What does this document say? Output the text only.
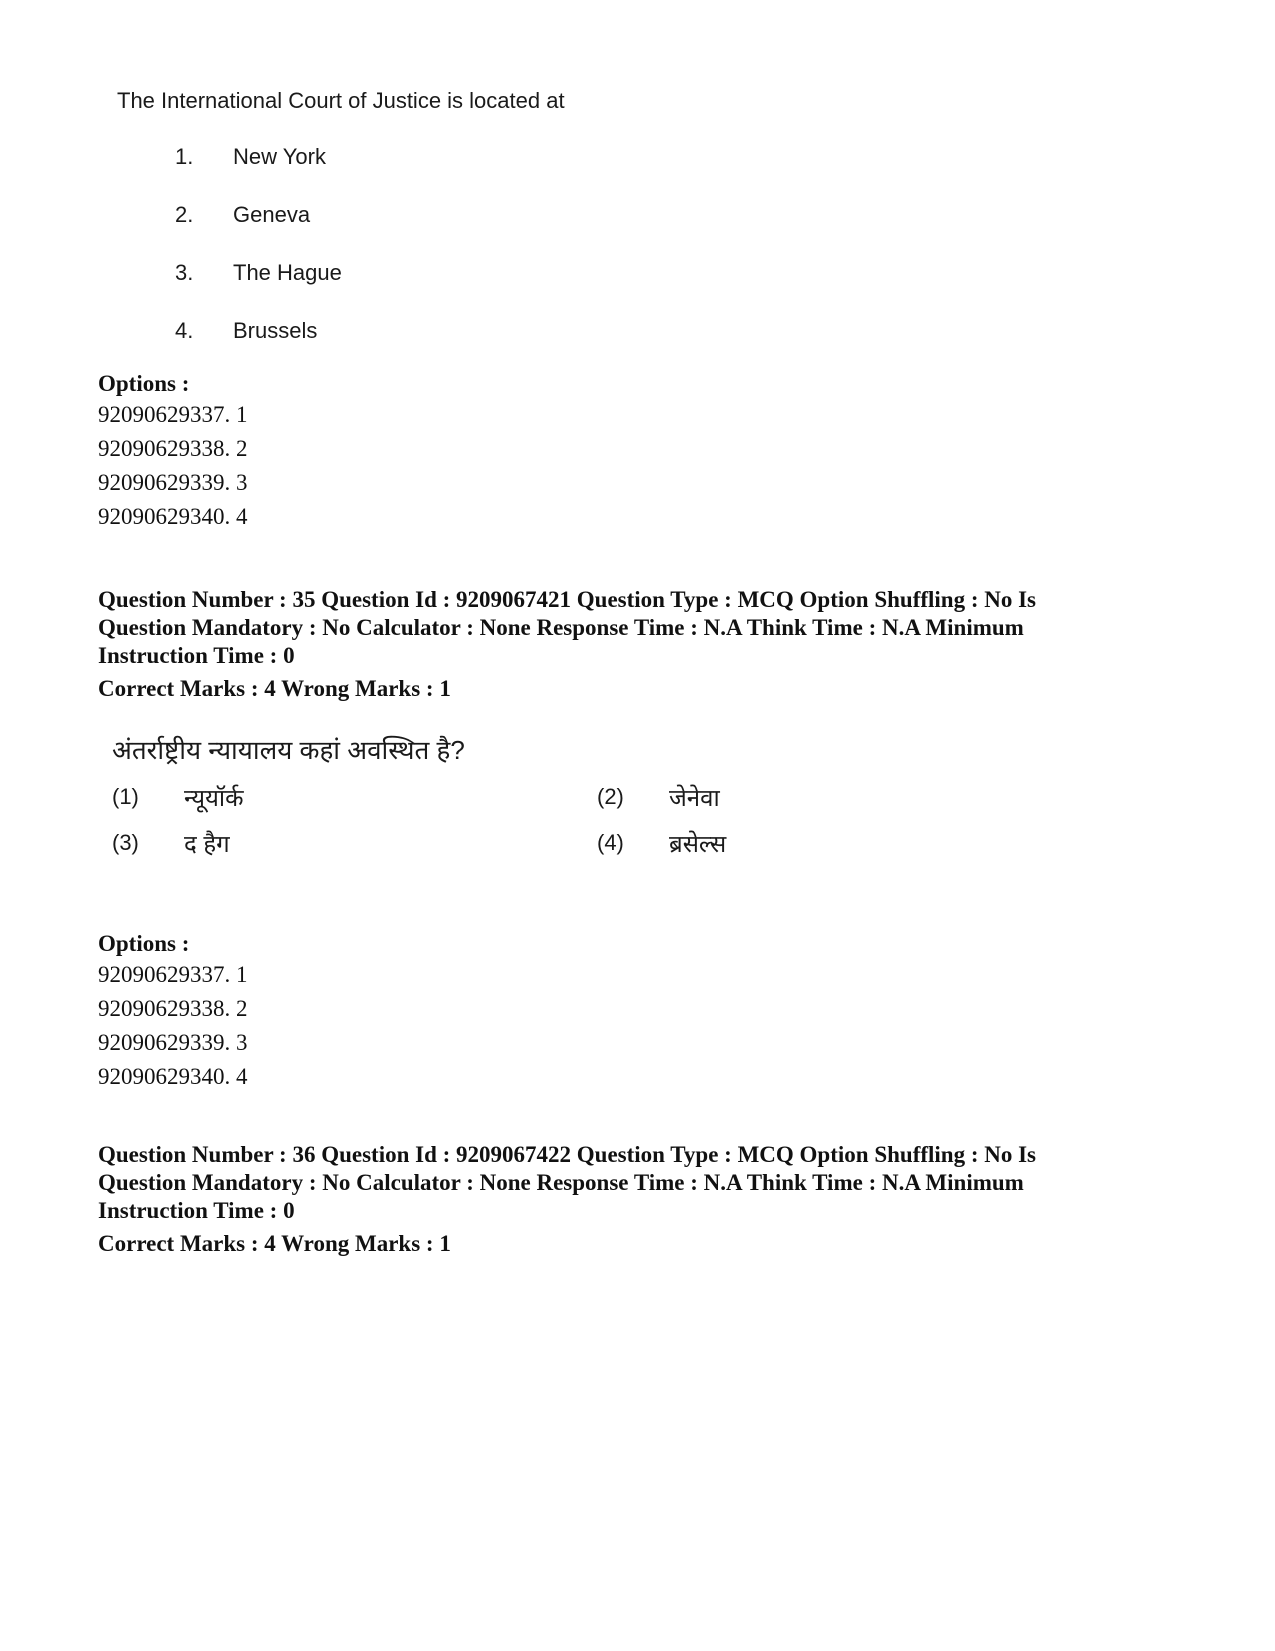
The International Court of Justice is located at

1.	New York
2.	Geneva
3.	The Hague
4.	Brussels

Options :

92090629337. 1

92090629338. 2

92090629339. 3

92090629340. 4

Question Number : 35 Question Id : 9209067421 Question Type : MCQ Option Shuffling : No Is
Question Mandatory : No Calculator : None Response Time : N.A Think Time : N.A Minimum
Instruction Time : 0
Correct Marks : 4 Wrong Marks : 1

अंतर्राष्ट्रीय न्यायालय कहां अवस्थित है?

(1)	न्यूयॉर्क	(2)	जेनेवा
(3)	द हैग	(4)	ब्रसेल्स

Options :

92090629337. 1

92090629338. 2

92090629339. 3

92090629340. 4

Question Number : 36 Question Id : 9209067422 Question Type : MCQ Option Shuffling : No Is
Question Mandatory : No Calculator : None Response Time : N.A Think Time : N.A Minimum
Instruction Time : 0
Correct Marks : 4 Wrong Marks : 1
